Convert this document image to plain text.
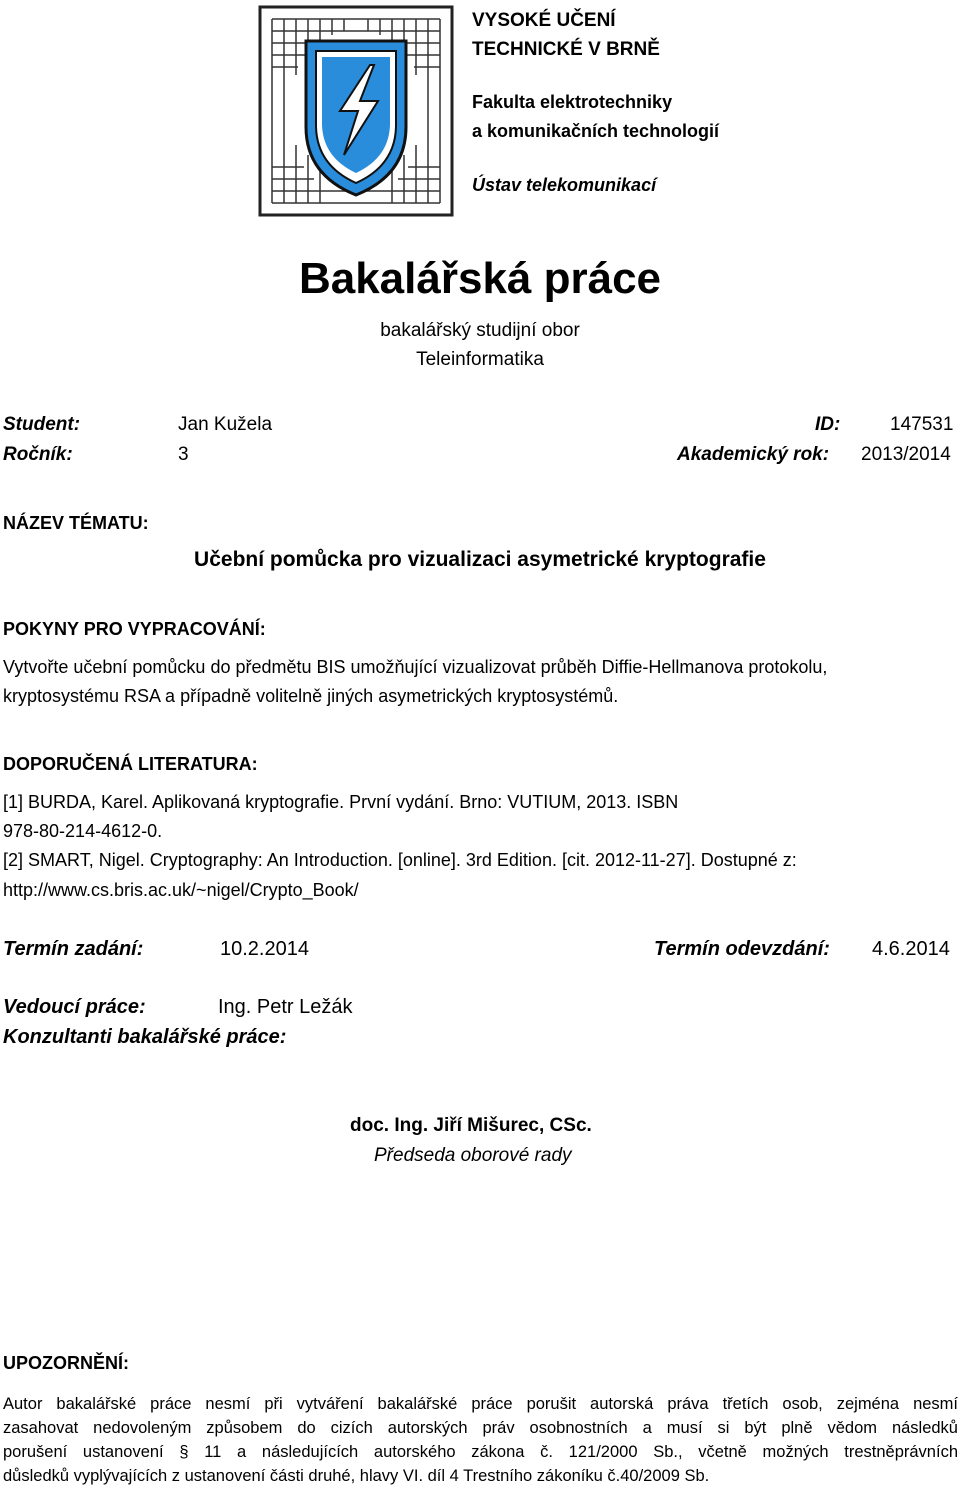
VYSOKÉ UČENÍ
TECHNICKÉ V BRNĚ
Fakulta elektrotechniky
a komunikačních technologií
Ústav telekomunikací
Bakalářská práce
bakalářský studijní obor
Teleinformatika
Student:	Jan Kužela	ID:	147531
Ročník:	3	Akademický rok: 2013/2014
NÁZEV TÉMATU:
Učební pomůcka pro vizualizaci asymetrické kryptografie
POKYNY PRO VYPRACOVÁNÍ:
Vytvořte učební pomůcku do předmětu BIS umožňující vizualizovat průběh Diffie-Hellmanova protokolu,
kryptosystému RSA a případně volitelně jiných asymetrických kryptosystémů.
DOPORUČENÁ LITERATURA:
[1] BURDA, Karel. Aplikovaná kryptografie. První vydání. Brno: VUTIUM, 2013. ISBN
978-80-214-4612-0.
[2] SMART, Nigel. Cryptography: An Introduction. [online]. 3rd Edition. [cit. 2012-11-27]. Dostupné z:
http://www.cs.bris.ac.uk/~nigel/Crypto_Book/
Termín zadání:	10.2.2014	Termín odevzdání: 4.6.2014
Vedoucí práce:	Ing. Petr Ležák
Konzultanti bakalářské práce:
doc. Ing. Jiří Mišurec, CSc.
Předseda oborové rady
UPOZORNĚNÍ:

Autor bakalářské práce nesmí při vytváření bakalářské práce porušit autorská práva třetích osob, zejména nesmí

zasahovat nedovoleným způsobem do cizích autorských práv osobnostních a musí si být plně vědom následků

porušení ustanovení § 11 a následujících autorského zákona č. 121/2000 Sb., včetně možných trestněprávních

důsledků vyplývajících z ustanovení části druhé, hlavy VI. díl 4 Trestního zákoníku č.40/2009 Sb.
